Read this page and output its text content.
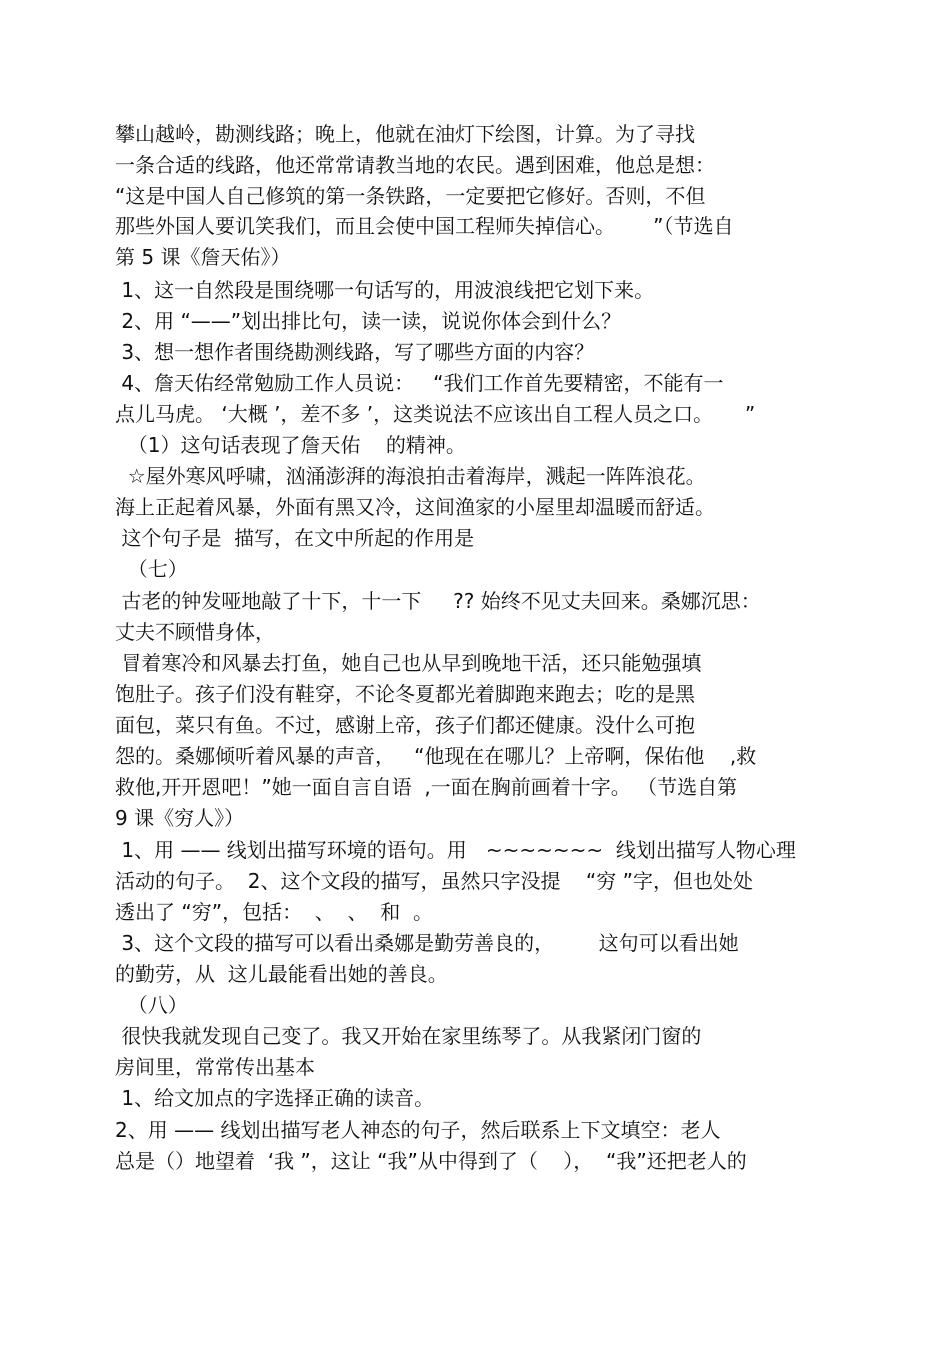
攀山越岭，勘测线路；晚上，他就在油灯下绘图，计算。为了寻找
一条合适的线路，他还常常请教当地的农民。遇到困难，他总是想：
“这是中国人自己修筑的第一条铁路，一定要把它修好。否则，不但
那些外国人要讥笑我们，而且会使中国工程师失掉信心。      ”（节选自
第 5 课《詹天佑》）
1、这一自然段是围绕哪一句话写的，用波浪线把它划下来。
2、用 “——”划出排比句，读一读，说说你体会到什么？
3、想一想作者围绕勘测线路，写了哪些方面的内容？
4、詹天佑经常勉励工作人员说：   “我们工作首先要精密，不能有一
点儿马虎。 ‘大概 ’，差不多 ’，这类说法不应该出自工程人员之口。     ”
（1）这句话表现了詹天佑    的精神。
☆屋外寒风呼啸，汹涌澎湃的海浪拍击着海岸，溅起一阵阵浪花。
海上正起着风暴，外面有黑又冷，这间渔家的小屋里却温暖而舒适。
这个句子是  描写，在文中所起的作用是
（七）
古老的钟发哑地敲了十下，十一下     ?? 始终不见丈夫回来。桑娜沉思：
丈夫不顾惜身体，
冒着寒冷和风暴去打鱼，她自己也从早到晚地干活，还只能勉强填
饱肚子。孩子们没有鞋穿，不论冬夏都光着脚跑来跑去；吃的是黑
面包，菜只有鱼。不过，感谢上帝，孩子们都还健康。没什么可抱
怨的。桑娜倾听着风暴的声音，   “他现在在哪儿？上帝啊，保佑他    ,救
救他,开开恩吧！”她一面自言自语  ,一面在胸前画着十字。 （节选自第
9 课《穷人》）
1、用 —— 线划出描写环境的语句。用   ~~~~~~~  线划出描写人物心理
活动的句子。  2、这个文段的描写，虽然只字没提    “穷 ”字，但也处处
透出了 “穷”，包括：  、  、  和  。
3、这个文段的描写可以看出桑娜是勤劳善良的，       这句可以看出她
的勤劳，从  这儿最能看出她的善良。
（八）
很快我就发现自己变了。我又开始在家里练琴了。从我紧闭门窗的
房间里，常常传出基本
1、给文加点的字选择正确的读音。
2、用 —— 线划出描写老人神态的句子，然后联系上下文填空：老人
总是（）地望着  ‘我 ”，这让 “我”从中得到了（    ），  “我”还把老人的
